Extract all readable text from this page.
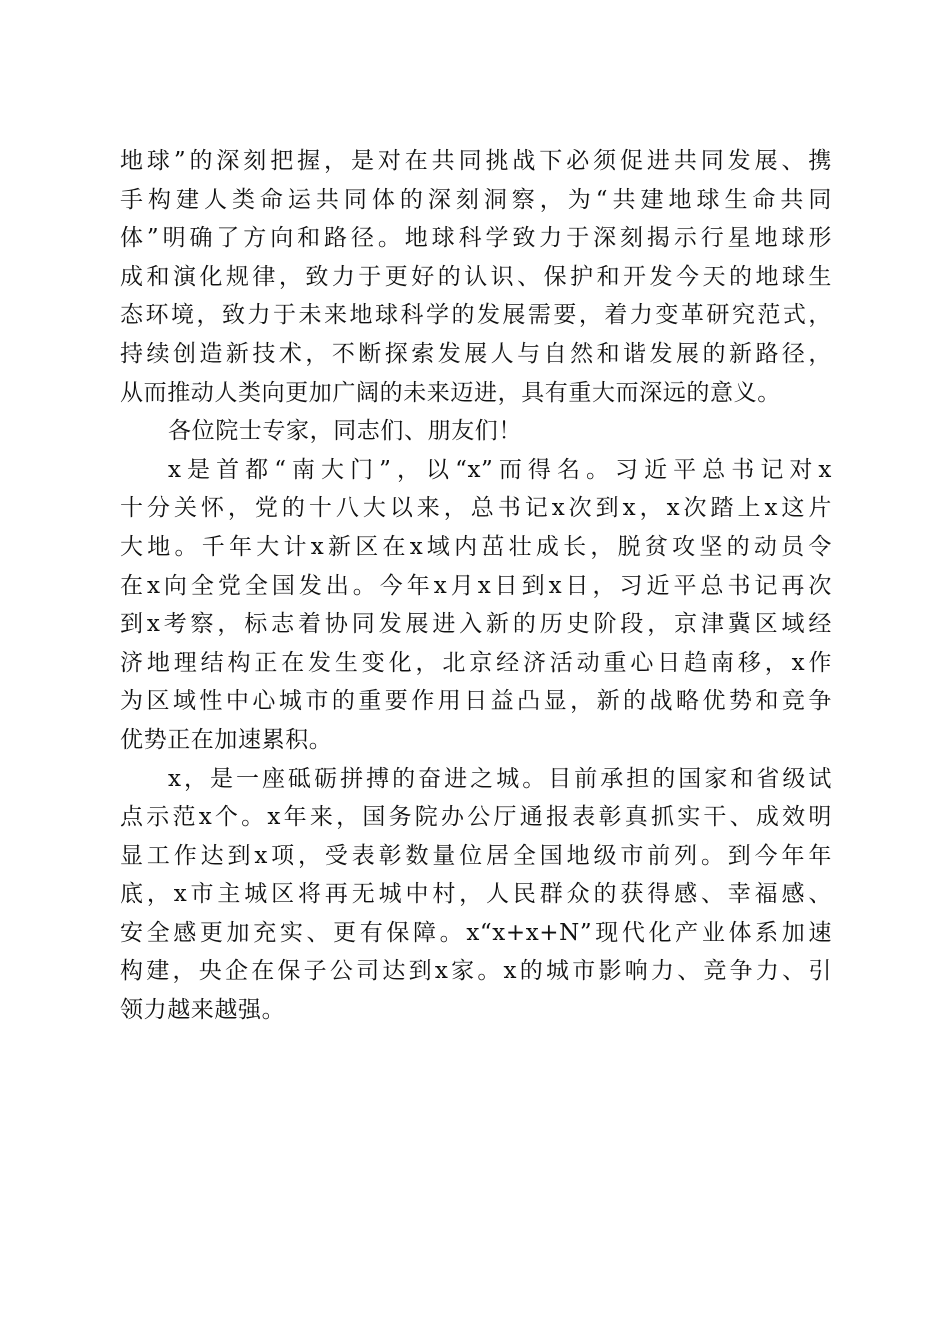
地球”的深刻把握，是对在共同挑战下必须促进共同发展、携
手构建人类命运共同体的深刻洞察，为“共建地球生命共同
体”明确了方向和路径。地球科学致力于深刻揭示行星地球形
成和演化规律，致力于更好的认识、保护和开发今天的地球生
态环境，致力于未来地球科学的发展需要，着力变革研究范式，
持续创造新技术，不断探索发展人与自然和谐发展的新路径，
从而推动人类向更加广阔的未来迈进，具有重大而深远的意义。
各位院士专家，同志们、朋友们！
x是首都“南大门”，以“x”而得名。习近平总书记对x
十分关怀，党的十八大以来，总书记x次到x，x次踏上x这片
大地。千年大计x新区在x域内茁壮成长，脱贫攻坚的动员令
在x向全党全国发出。今年x月x日到x日，习近平总书记再次
到x考察，标志着协同发展进入新的历史阶段，京津冀区域经
济地理结构正在发生变化，北京经济活动重心日趋南移，x作
为区域性中心城市的重要作用日益凸显，新的战略优势和竞争
优势正在加速累积。
x，是一座砥砺拼搏的奋进之城。目前承担的国家和省级试
点示范x个。x年来，国务院办公厅通报表彰真抓实干、成效明
显工作达到x项，受表彰数量位居全国地级市前列。到今年年
底，x市主城区将再无城中村，人民群众的获得感、幸福感、
安全感更加充实、更有保障。x“x+x+N”现代化产业体系加速
构建，央企在保子公司达到x家。x的城市影响力、竞争力、引
领力越来越强。
